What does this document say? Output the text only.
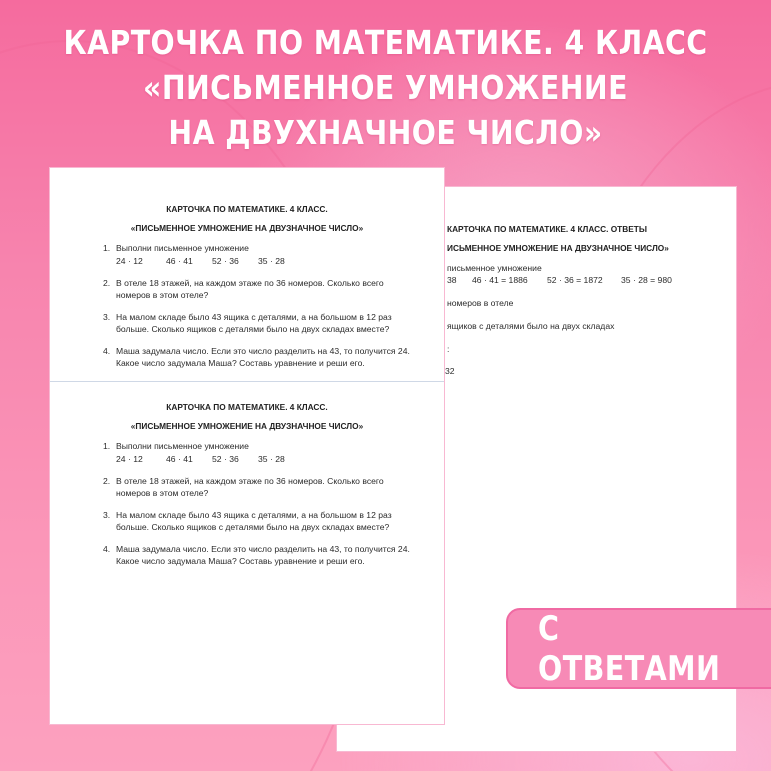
КАРТОЧКА ПО МАТЕМАТИКЕ. 4 КЛАСС
«ПИСЬМЕННОЕ УМНОЖЕНИЕ
НА ДВУХНАЧНОЕ ЧИСЛО»
КАРТОЧКА ПО МАТЕМАТИКЕ. 4 КЛАСС. ОТВЕТЫ
ИСЬМЕННОЕ УМНОЖЕНИЕ НА ДВУЗНАЧНОЕ ЧИСЛО»
письменное умножение
38 46 · 41 = 1886 52 · 36 = 1872 35 · 28 = 980
номеров в отеле
ящиков с деталями было на двух складах
:
32
КАРТОЧКА ПО МАТЕМАТИКЕ. 4 КЛАСС.
«ПИСЬМЕННОЕ УМНОЖЕНИЕ НА ДВУЗНАЧНОЕ ЧИСЛО»
1. Выполни письменное умножение
24 · 12	46 · 41	52 · 36	35 · 28
2. В отеле 18 этажей, на каждом этаже по 36 номеров. Сколько всего
номеров в этом отеле?
3. На малом складе было 43 ящика с деталями, а на большом в 12 раз
больше. Сколько ящиков с деталями было на двух складах вместе?
4. Маша задумала число. Если это число разделить на 43, то получится 24.
Какое число задумала Маша? Составь уравнение и реши его.
КАРТОЧКА ПО МАТЕМАТИКЕ. 4 КЛАСС.
«ПИСЬМЕННОЕ УМНОЖЕНИЕ НА ДВУЗНАЧНОЕ ЧИСЛО»
1. Выполни письменное умножение
24 · 12	46 · 41	52 · 36	35 · 28
2. В отеле 18 этажей, на каждом этаже по 36 номеров. Сколько всего
номеров в этом отеле?
3. На малом складе было 43 ящика с деталями, а на большом в 12 раз
больше. Сколько ящиков с деталями было на двух складах вместе?
4. Маша задумала число. Если это число разделить на 43, то получится 24.
Какое число задумала Маша? Составь уравнение и реши его.
С ОТВЕТАМИ
